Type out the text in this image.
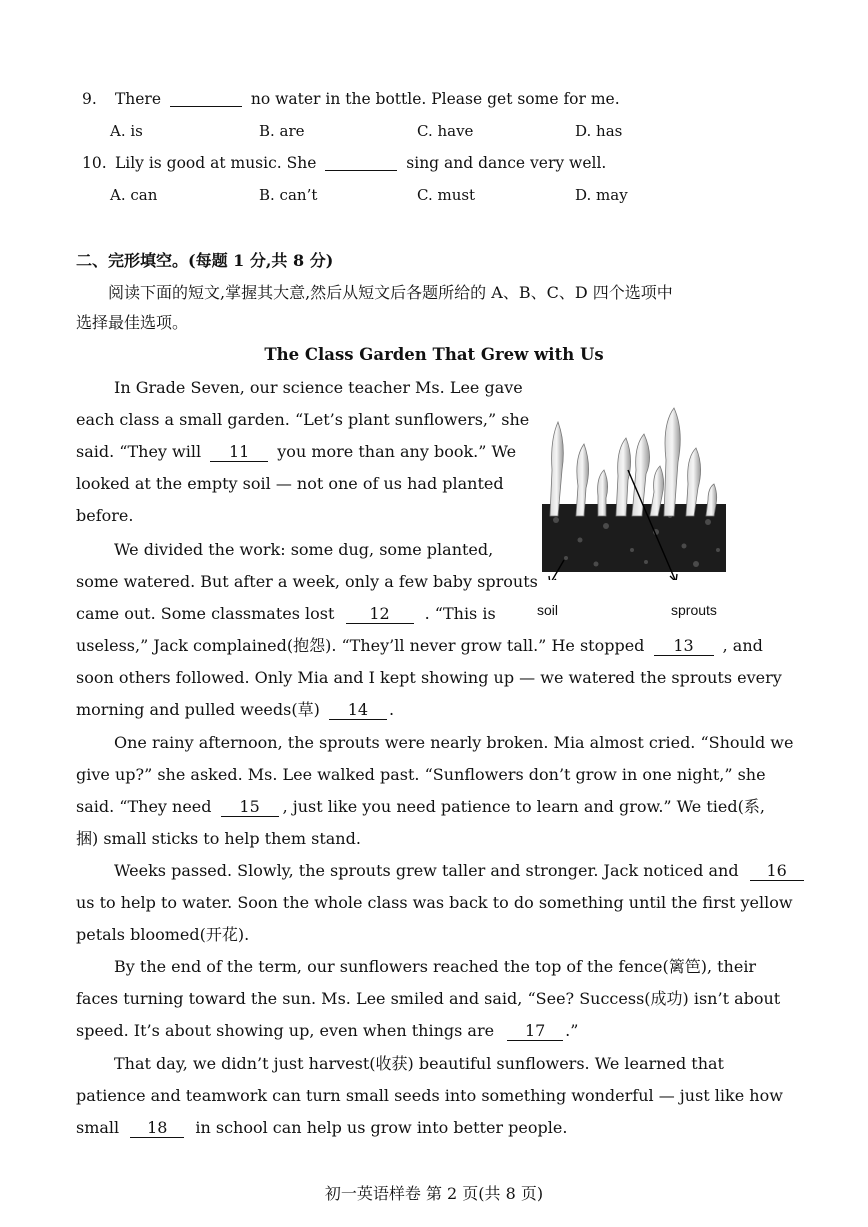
9. There	no water in the bottle. Please get some for me.
A. is	B. are	C. have	D. has
10. Lily is good at music. She	sing and dance very well.
A. can	B. can’t	C. must	D. may
二、完形填空。(每题 1 分,共 8 分)
阅读下面的短文,掌握其大意,然后从短文后各题所给的 A、B、C、D 四个选项中
选择最佳选项。
The Class Garden That Grew with Us
In Grade Seven, our science teacher Ms. Lee gave
each class a small garden. “Let’s plant sunflowers,” she
said. “They will 11 you more than any book.” We
looked at the empty soil — not one of us had planted
before.
We divided the work: some dug, some planted,
some watered. But after a week, only a few baby sprouts
came out. Some classmates lost 12 . “This is
useless,” Jack complained(抱怨). “They’ll never grow tall.” He stopped 13 , and
soon others followed. Only Mia and I kept showing up — we watered the sprouts every
morning and pulled weeds(草) 14 .
One rainy afternoon, the sprouts were nearly broken. Mia almost cried. “Should we
give up?” she asked. Ms. Lee walked past. “Sunflowers don’t grow in one night,” she
said. “They need 15 , just like you need patience to learn and grow.” We tied(系,
捆) small sticks to help them stand.
Weeks passed. Slowly, the sprouts grew taller and stronger. Jack noticed and 16
us to help to water. Soon the whole class was back to do something until the first yellow
petals bloomed(开花).
By the end of the term, our sunflowers reached the top of the fence(篱笆), their
faces turning toward the sun. Ms. Lee smiled and said, “See? Success(成功) isn’t about
speed. It’s about showing up, even when things are 17 .”
That day, we didn’t just harvest(收获) beautiful sunflowers. We learned that
patience and teamwork can turn small seeds into something wonderful — just like how
small 18 in school can help us grow into better people.
soil	sprouts
初一英语样卷 第 2 页(共 8 页)
